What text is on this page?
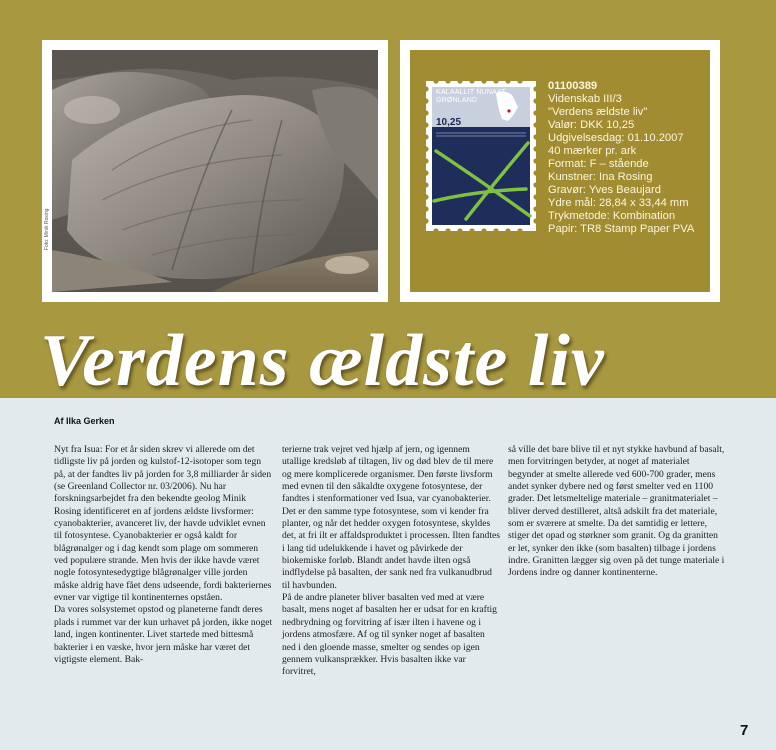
Foto: Minik Rosing
KALAALLIT NUNAAT
GRØNLAND
10,25
01100389
Videnskab III/3
"Verdens ældste liv"
Valør: DKK 10,25
Udgivelsesdag: 01.10.2007
40 mærker pr. ark
Format: F – stående
Kunstner: Ina Rosing
Gravør: Yves Beaujard
Ydre mål: 28,84 x 33,44 mm
Trykmetode: Kombination
Papir: TR8 Stamp Paper PVA
Verdens ældste liv
Af Ilka Gerken

Nyt fra Isua: For et år siden skrev vi allerede om det tidligste liv på jorden og kulstof-12-isotoper som tegn på, at der fandtes liv på jorden for 3,8 milliarder år siden (se Greenland Collector nr. 03/2006). Nu har forskningsarbejdet fra den bekendte geolog Minik Rosing identificeret en af jordens ældste livsformer: cyanobakterier, avanceret liv, der havde udviklet evnen til fotosyntese. Cyanobakterier er også kaldt for blågrønalger og i dag kendt som plage om sommeren ved populære strande. Men hvis der ikke havde været nogle fotosyntesedygtige blågrønalger ville jorden måske aldrig have fået dens udseende, fordi bakteriernes evner var vigtige til kontinenternes opståen.

Da vores solsystemet opstod og planeterne fandt deres plads i rummet var der kun urhavet på jorden, ikke noget land, ingen kontinenter. Livet startede med bittesmå bakterier i en væske, hvor jern måske har været det vigtigste element. Bak-

terierne trak vejret ved hjælp af jern, og igennem utallige kredsløb af tiltagen, liv og død blev de til mere og mere komplicerede organismer. Den første livsform med evnen til den såkaldte oxygene fotosyntese, der fandtes i stenformationer ved Isua, var cyanobakterier. Det er den samme type fotosyntese, som vi kender fra planter, og når det hedder oxygen fotosyntese, skyldes det, at fri ilt er affaldsproduktet i processen. Ilten fandtes i lang tid udelukkende i havet og påvirkede der biokemiske forløb. Blandt andet havde ilten også indflydelse på basalten, der sank ned fra vulkanudbrud til havbunden.

På de andre planeter bliver basalten ved med at være basalt, mens noget af basalten her er udsat for en kraftig nedbrydning og forvitring af især ilten i havene og i jordens atmosfære. Af og til synker noget af basalten ned i den gloende masse, smelter og sendes op igen gennem vulkansprækker. Hvis basalten ikke var forvitret,

så ville det bare blive til et nyt stykke havbund af basalt, men forvitringen betyder, at noget af materialet begynder at smelte allerede ved 600-700 grader, mens andet synker dybere ned og først smelter ved en 1100 grader. Det letsmeltelige materiale – granitmaterialet – bliver derved destilleret, altså adskilt fra det materiale, som er sværere at smelte. Da det samtidig er lettere, stiger det opad og størkner som granit. Og da granitten er let, synker den ikke (som basalten) tilbage i jordens indre. Granitten lægger sig oven på det tunge materiale i Jordens indre og danner kontinenterne.

7
